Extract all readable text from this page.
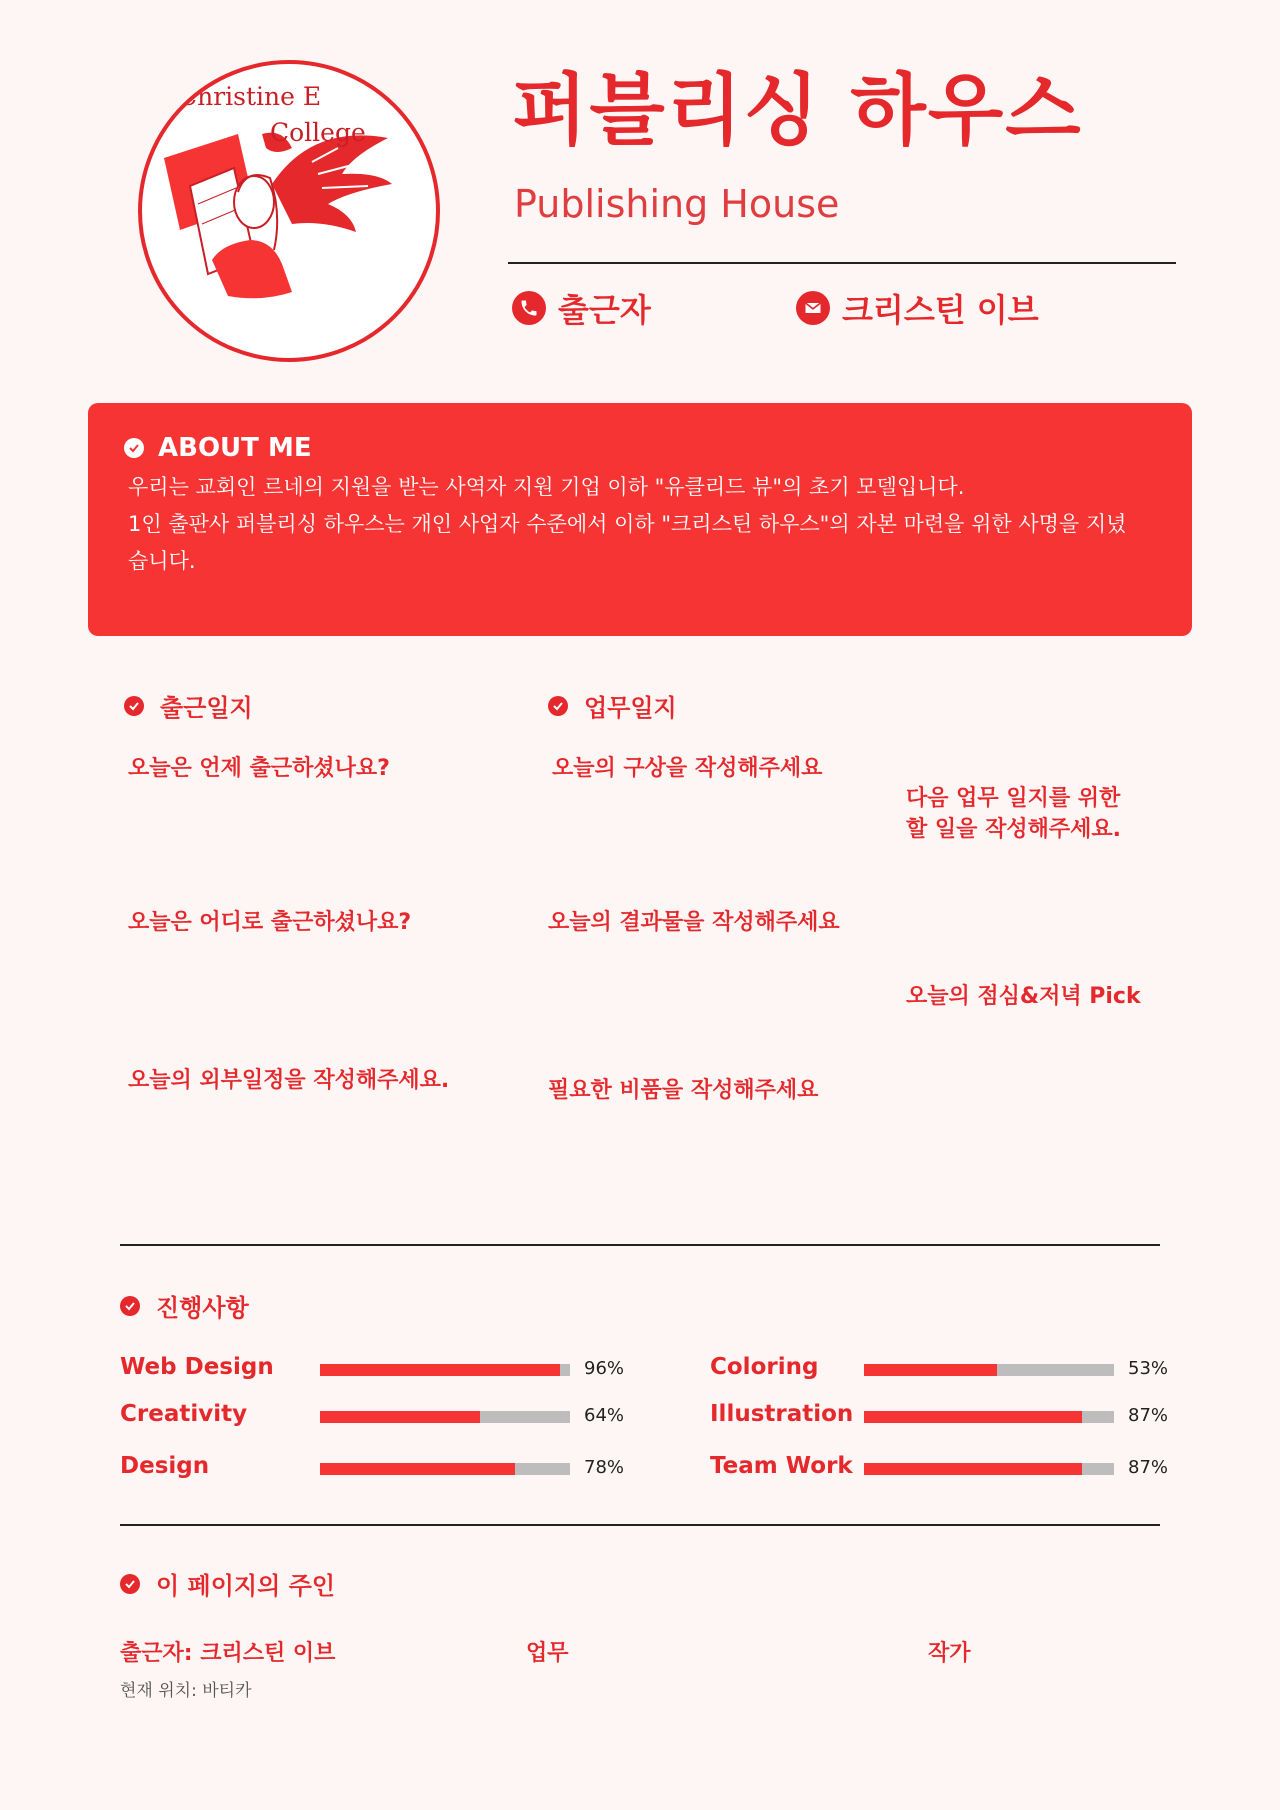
Christine E
College	퍼블리싱 하우스
Publishing House
출근자	크리스틴 이브
ABOUT ME
우리는 교회인 르네의 지원을 받는 사역자 지원 기업 이하 "유클리드 뷰"의 초기 모델입니다.
1인 출판사 퍼블리싱 하우스는 개인 사업자 수준에서 이하 "크리스틴 하우스"의 자본 마련을 위한 사명을 지녔
습니다.
출근일지
오늘은 언제 출근하셨나요?
오늘은 어디로 출근하셨나요?
오늘의 외부일정을 작성해주세요.
업무일지
오늘의 구상을 작성해주세요
오늘의 결과물을 작성해주세요
필요한 비품을 작성해주세요
다음 업무 일지를 위한
할 일을 작성해주세요.
오늘의 점심&저녁 Pick
진행사항
Web Design	96%
Creativity	64%
Design	78%
Coloring	53%
Illustration	87%
Team Work	87%
이 페이지의 주인
출근자: 크리스틴 이브
현재 위치: 바티카
업무	작가
